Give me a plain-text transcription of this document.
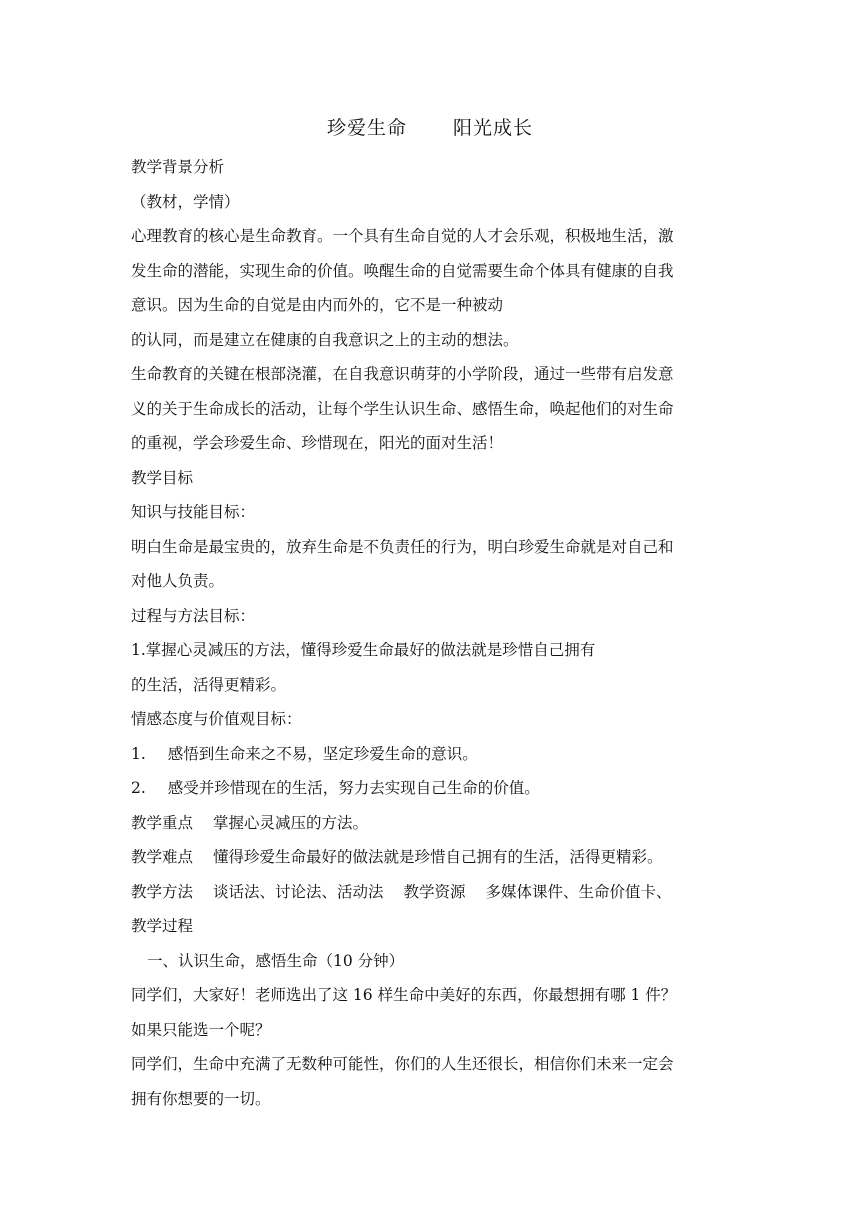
珍爱生命 阳光成长

教学背景分析

（教材，学情）

心理教育的核心是生命教育。一个具有生命自觉的人才会乐观，积极地生活，激

发生命的潜能，实现生命的价值。唤醒生命的自觉需要生命个体具有健康的自我

意识。因为生命的自觉是由内而外的，它不是一种被动

的认同，而是建立在健康的自我意识之上的主动的想法。

生命教育的关键在根部浇灌，在自我意识萌芽的小学阶段，通过一些带有启发意

义的关于生命成长的活动，让每个学生认识生命、感悟生命，唤起他们的对生命

的重视，学会珍爱生命、珍惜现在，阳光的面对生活！

教学目标

知识与技能目标：

明白生命是最宝贵的，放弃生命是不负责任的行为，明白珍爱生命就是对自己和

对他人负责。

过程与方法目标：

1.掌握心灵减压的方法，懂得珍爱生命最好的做法就是珍惜自己拥有

的生活，活得更精彩。

情感态度与价值观目标：

1. 感悟到生命来之不易，坚定珍爱生命的意识。

2. 感受并珍惜现在的生活，努力去实现自己生命的价值。

教学重点 掌握心灵减压的方法。

教学难点 懂得珍爱生命最好的做法就是珍惜自己拥有的生活，活得更精彩。

教学方法 谈话法、讨论法、活动法 教学资源 多媒体课件、生命价值卡、

教学过程

一、认识生命，感悟生命（10 分钟）

同学们，大家好！老师选出了这 16 样生命中美好的东西，你最想拥有哪 1 件？

如果只能选一个呢？

同学们，生命中充满了无数种可能性，你们的人生还很长，相信你们未来一定会

拥有你想要的一切。
